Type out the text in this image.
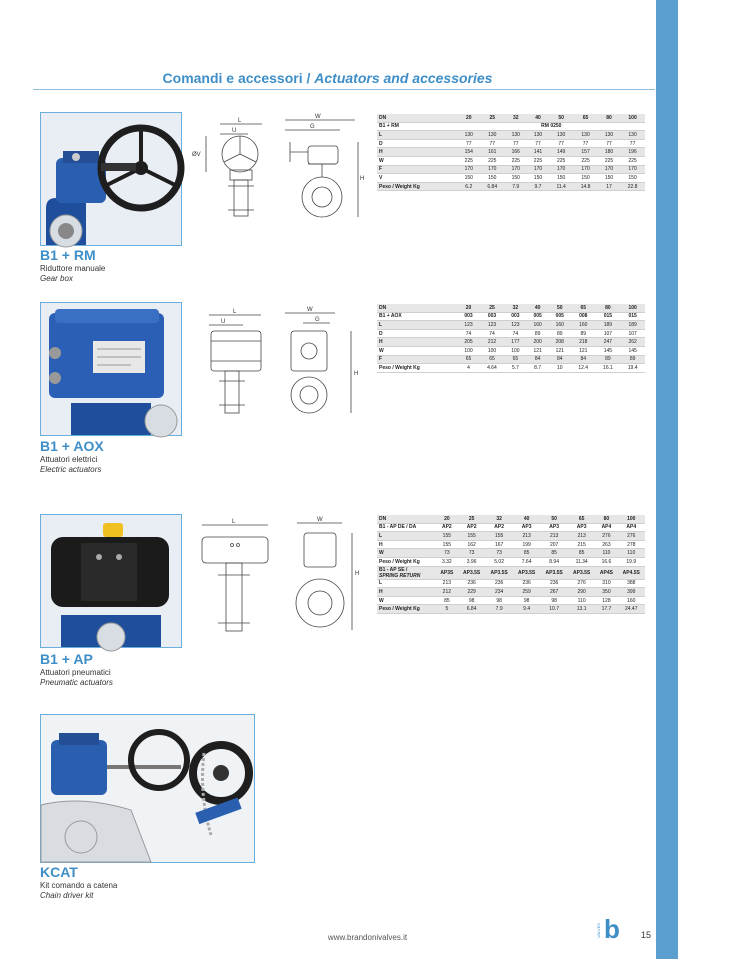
Comandi e accessori / Actuators and accessories
B1 + RM
Riduttore manuale
Gear box
L
U
W
G
H
ØV
DN	20	25	32	40	50	65	80	100
B1 + RM	RM 0250							
L	130	130	130	130	130	130	130	130
D	77	77	77	77	77	77	77	77
H	154	161	166	141	149	157	180	196
W	225	225	225	225	225	225	225	225
F	170	170	170	170	170	170	170	170
V	150	150	150	150	150	150	150	150
Peso / Weight Kg	6.2	6.84	7.9	9.7	11.4	14.8	17	22.8
B1 + AOX
Attuatori elettrici
Electric actuators
L
U
W
G
H
DN	20	25	32	40	50	65	80	100
B1 + AOX	003	003	003	005	005	008	015	015
L	123	123	123	160	160	160	189	189
D	74	74	74	89	89	89	107	107
H	205	212	177	200	208	218	247	262
W	100	100	100	121	121	121	145	145
F	65	65	65	84	84	84	89	89
Peso / Weight Kg	4	4.64	5.7	8.7	10	12.4	16.1	19.4
B1 + AP
Attuatori pneumatici
Pneumatic actuators
L	W
H
DN	20	25	32	40	50	65	80	100
B1 - AP DE / DA	AP2	AP2	AP2	AP3	AP3	AP3	AP4	AP4
L	155	155	155	213	213	213	276	276
H	155	162	167	199	207	215	263	278
W	73	73	73	85	85	85	110	110
Peso / Weight Kg	3.32	3.96	5.02	7.64	8.94	11.34	16.6	19.9
B1 - AP SE /
SPRING RETURN	AP3S	AP3.5S	AP3.5S	AP3.5S	AP3.5S	AP3.5S	AP4S	AP4.5S
L	213	236	236	236	236	276	310	388
H	212	229	234	259	267	290	350	399
W	85	98	98	98	98	110	128	160
Peso / Weight Kg	5	6.84	7.9	9.4	10.7	13.1	17.7	24.47
KCAT
Kit comando a catena
Chain driver kit
www.brandonivalves.it	VALVES b 15
